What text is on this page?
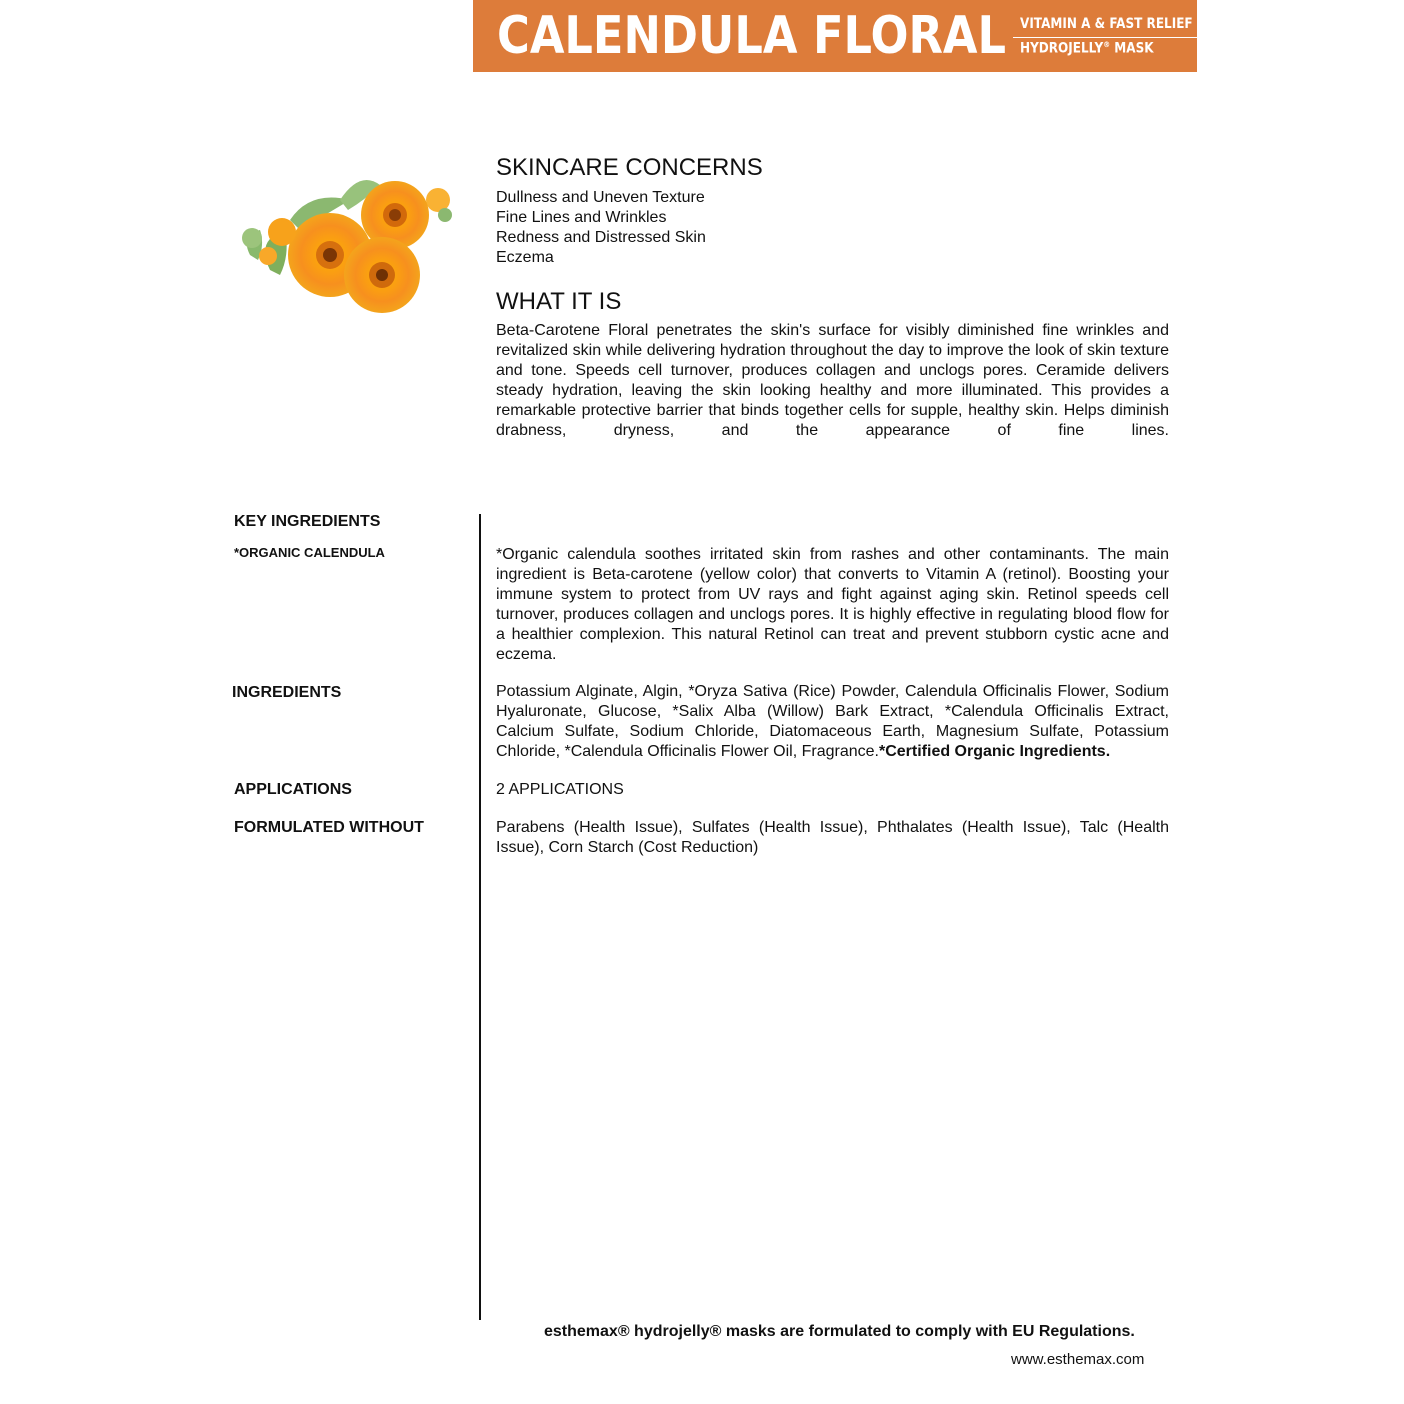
CALENDULA FLORAL VITAMIN A & FAST RELIEF
HYDROJELLY® MASK
SKINCARE CONCERNS
Dullness and Uneven Texture
Fine Lines and Wrinkles
Redness and Distressed Skin
Eczema
WHAT IT IS
Beta-Carotene Floral penetrates the skin's surface for visibly diminished fine wrinkles and revitalized skin while delivering hydration throughout the day to improve the look of skin texture and tone. Speeds cell turnover, produces collagen and unclogs pores. Ceramide delivers steady hydration, leaving the skin looking healthy and more illuminated. This provides a remarkable protective barrier that binds together cells for supple, healthy skin. Helps diminish drabness, dryness, and the appearance of fine lines.
KEY INGREDIENTS
*ORGANIC CALENDULA	*Organic calendula soothes irritated skin from rashes and other contaminants. The main ingredient is Beta-carotene (yellow color) that converts to Vitamin A (retinol). Boosting your immune system to protect from UV rays and fight against aging skin. Retinol speeds cell turnover, produces collagen and unclogs pores. It is highly effective in regulating blood flow for a healthier complexion. This natural Retinol can treat and prevent stubborn cystic acne and eczema.
INGREDIENTS	Potassium Alginate, Algin, *Oryza Sativa (Rice) Powder, Calendula Officinalis Flower, Sodium Hyaluronate, Glucose, *Salix Alba (Willow) Bark Extract, *Calendula Officinalis Extract, Calcium Sulfate, Sodium Chloride, Diatomaceous Earth, Magnesium Sulfate, Potassium Chloride, *Calendula Officinalis Flower Oil, Fragrance.*Certified Organic Ingredients.
APPLICATIONS	2 APPLICATIONS
FORMULATED WITHOUT	Parabens (Health Issue), Sulfates (Health Issue), Phthalates (Health Issue), Talc (Health Issue), Corn Starch (Cost Reduction)
esthemax® hydrojelly® masks are formulated to comply with EU Regulations.
www.esthemax.com
